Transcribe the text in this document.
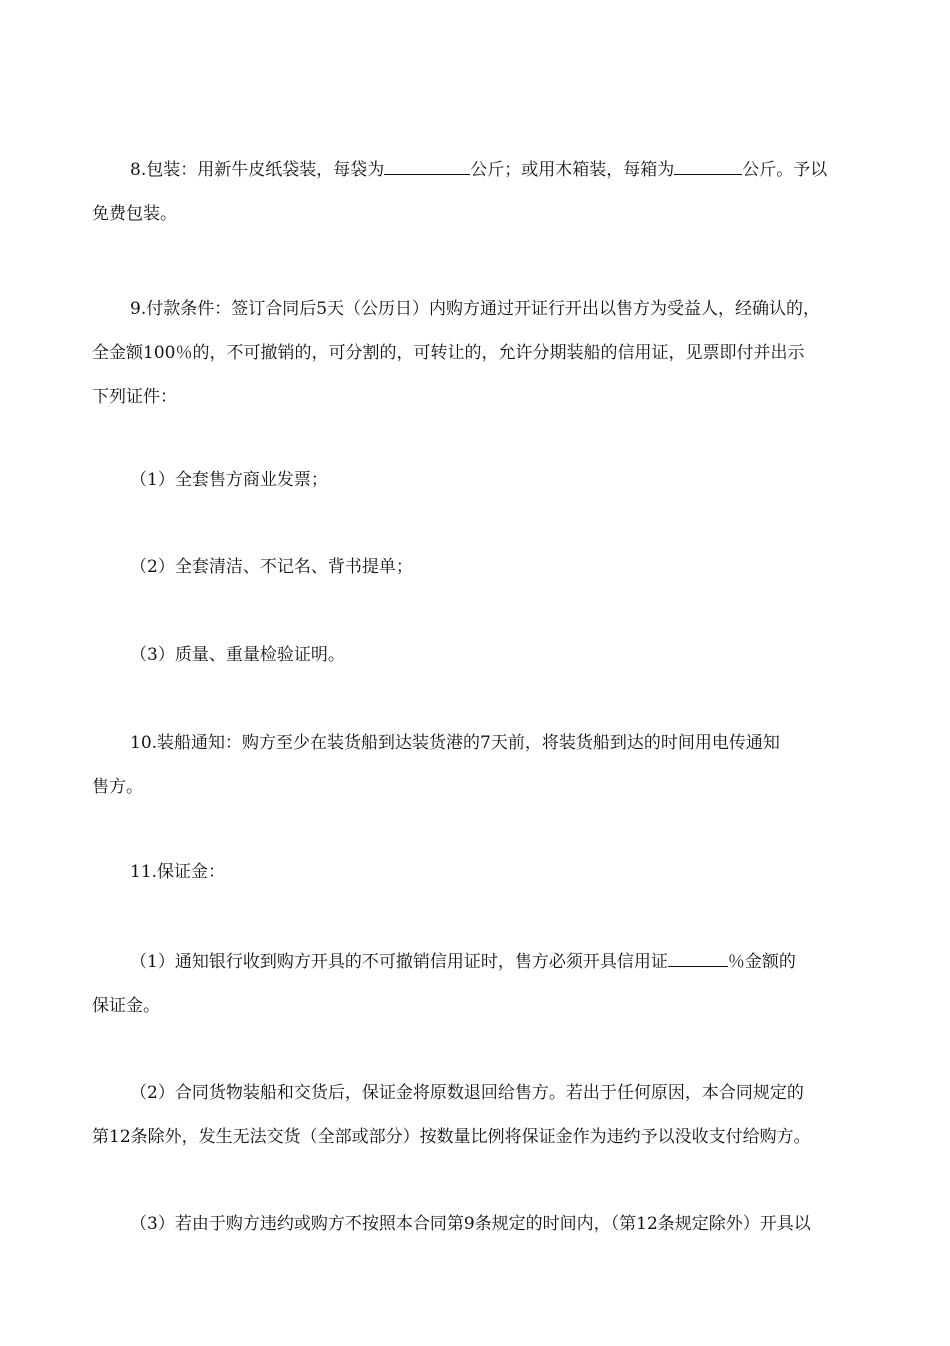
8.包装：用新牛皮纸袋装，每袋为	公斤；或用木箱装，每箱为	公斤。予以
免费包装。
9.付款条件：签订合同后5天（公历日）内购方通过开证行开出以售方为受益人，经确认的，
全金额100％的，不可撤销的，可分割的，可转让的，允许分期装船的信用证，见票即付并出示
下列证件：
（1）全套售方商业发票；
（2）全套清洁、不记名、背书提单；
（3）质量、重量检验证明。
10.装船通知：购方至少在装货船到达装货港的7天前，将装货船到达的时间用电传通知
售方。
11.保证金：
（1）通知银行收到购方开具的不可撤销信用证时，售方必须开具信用证	％金额的
保证金。
（2）合同货物装船和交货后，保证金将原数退回给售方。若出于任何原因，本合同规定的
第12条除外，发生无法交货（全部或部分）按数量比例将保证金作为违约予以没收支付给购方。
（3）若由于购方违约或购方不按照本合同第9条规定的时间内，（第12条规定除外）开具以
